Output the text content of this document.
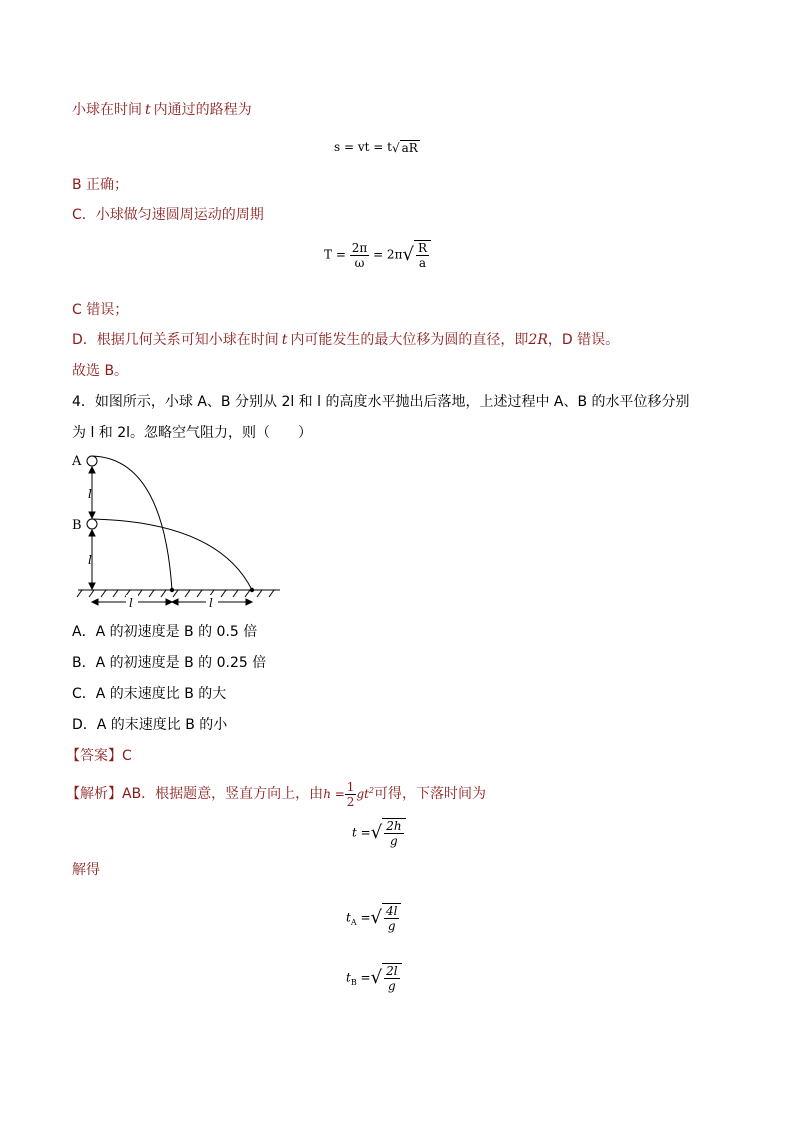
小球在时间 t 内通过的路程为
s = vt = t√ aR
B 正确；
C．小球做匀速圆周运动的周期
$T = \frac{2\pi}{\omega} = 2\pi√ \frac{R}{a}$
C 错误；
D．根据几何关系可知小球在时间 t 内可能发生的最大位移为圆的直径，即2R，D 错误。
故选 B。
4．如图所示，小球 A、B 分别从 2l 和 l 的高度水平抛出后落地，上述过程中 A、B 的水平位移分别
为 l 和 2l。忽略空气阻力，则（　　）
A
B
l
l
l	l
A．A 的初速度是 B 的 0.5 倍
B．A 的初速度是 B 的 0.25 倍
C．A 的末速度比 B 的大
D．A 的末速度比 B 的小
【答案】C
【解析】AB．根据题意，竖直方向上，由$h = \frac{1}{2} gt^2$可得，下落时间为
t =√ $\frac{2h}{g}$
解得
$t_A$ =√ $\frac{4l}{g}$
$t_B$ =√ $\frac{2l}{g}$
